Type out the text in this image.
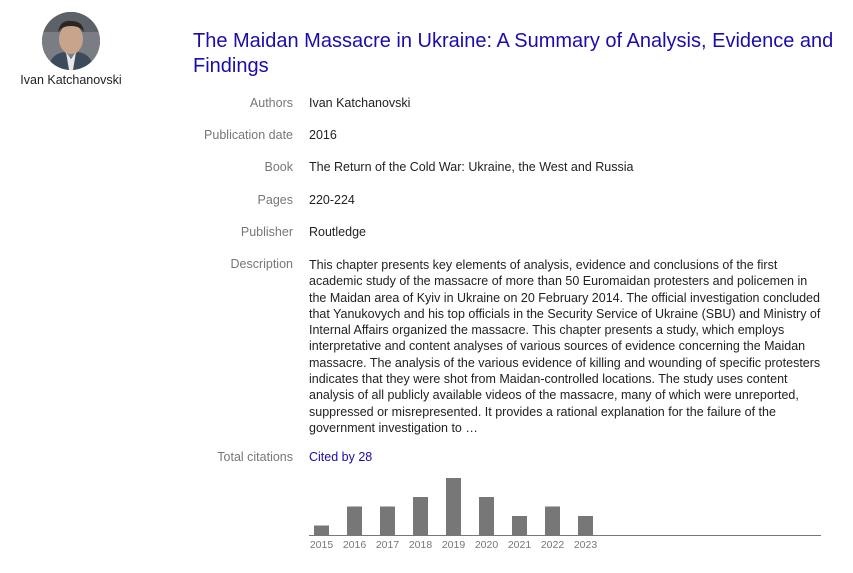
Ivan Katchanovski
The Maidan Massacre in Ukraine: A Summary of Analysis, Evidence and Findings
Authors Ivan Katchanovski
Publication date 2016
Book The Return of the Cold War: Ukraine, the West and Russia
Pages 220-224
Publisher Routledge
Description This chapter presents key elements of analysis, evidence and conclusions of the first academic study of the massacre of more than 50 Euromaidan protesters and policemen in the Maidan area of Kyiv in Ukraine on 20 February 2014. The official investigation concluded that Yanukovych and his top officials in the Security Service of Ukraine (SBU) and Ministry of Internal Affairs organized the massacre. This chapter presents a study, which employs interpretative and content analyses of various sources of evidence concerning the Maidan massacre. The analysis of the various evidence of killing and wounding of specific protesters indicates that they were shot from Maidan-controlled locations. The study uses content analysis of all publicly available videos of the massacre, many of which were unreported, suppressed or misrepresented. It provides a rational explanation for the failure of the government investigation to …
Total citations Cited by 28
2015 2016 2017 2018 2019 2020 2021 2022 2023
